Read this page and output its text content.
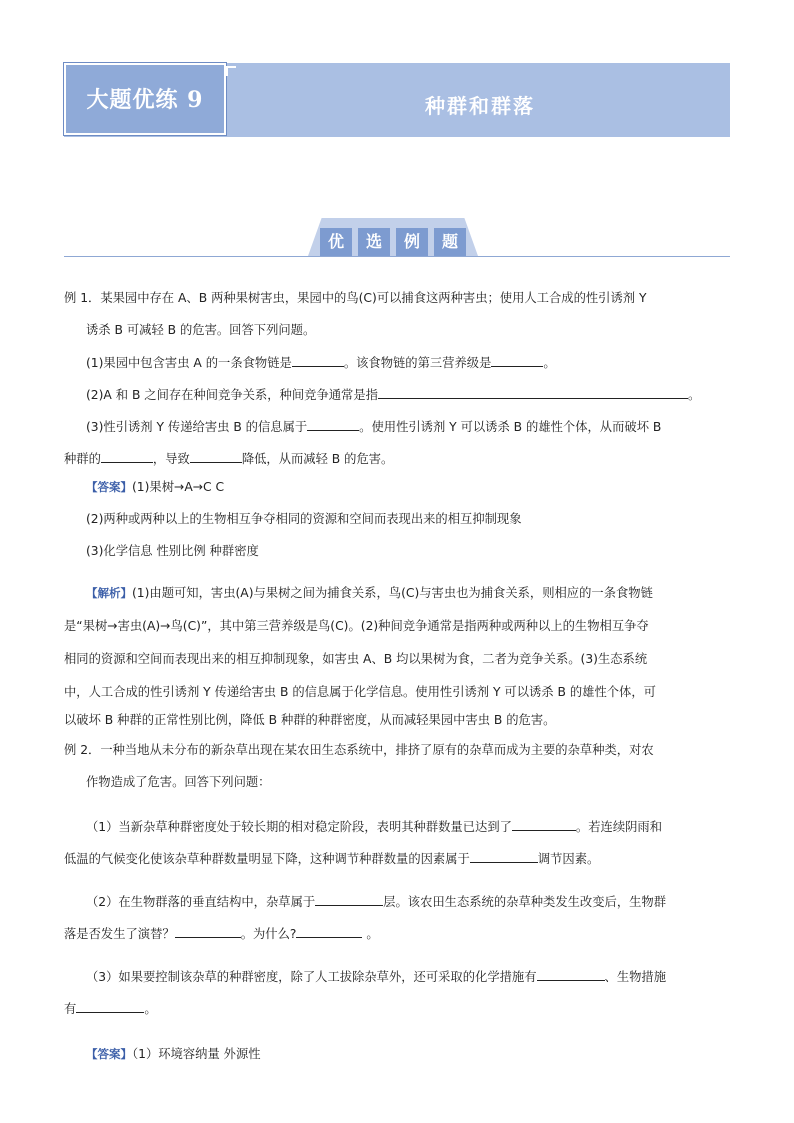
大题优练 9	种群和群落
优	选	例	题
例 1．某果园中存在 A、B 两种果树害虫，果园中的鸟(C)可以捕食这两种害虫；使用人工合成的性引诱剂 Y
诱杀 B 可减轻 B 的危害。回答下列问题。
(1)果园中包含害虫 A 的一条食物链是	。该食物链的第三营养级是	。
(2)A 和 B 之间存在种间竞争关系，种间竞争通常是指	。
(3)性引诱剂 Y 传递给害虫 B 的信息属于	。使用性引诱剂 Y 可以诱杀 B 的雄性个体，从而破坏 B
种群的	，导致	降低，从而减轻 B 的危害。
【答案】(1)果树→A→C C
(2)两种或两种以上的生物相互争夺相同的资源和空间而表现出来的相互抑制现象
(3)化学信息 性别比例 种群密度
【解析】(1)由题可知，害虫(A)与果树之间为捕食关系，鸟(C)与害虫也为捕食关系，则相应的一条食物链
是“果树→害虫(A)→鸟(C)”，其中第三营养级是鸟(C)。(2)种间竞争通常是指两种或两种以上的生物相互争夺
相同的资源和空间而表现出来的相互抑制现象，如害虫 A、B 均以果树为食，二者为竞争关系。(3)生态系统
中，人工合成的性引诱剂 Y 传递给害虫 B 的信息属于化学信息。使用性引诱剂 Y 可以诱杀 B 的雄性个体，可
以破坏 B 种群的正常性别比例，降低 B 种群的种群密度，从而减轻果园中害虫 B 的危害。
例 2．一种当地从未分布的新杂草出现在某农田生态系统中，排挤了原有的杂草而成为主要的杂草种类，对农
作物造成了危害。回答下列问题：
（1）当新杂草种群密度处于较长期的相对稳定阶段，表明其种群数量已达到了	。若连续阴雨和
低温的气候变化使该杂草种群数量明显下降，这种调节种群数量的因素属于	调节因素。
（2）在生物群落的垂直结构中，杂草属于	层。该农田生态系统的杂草种类发生改变后，生物群
落是否发生了演替？	。为什么?	。
（3）如果要控制该杂草的种群密度，除了人工拔除杂草外，还可采取的化学措施有	、生物措施
有	。
【答案】（1）环境容纳量 外源性
